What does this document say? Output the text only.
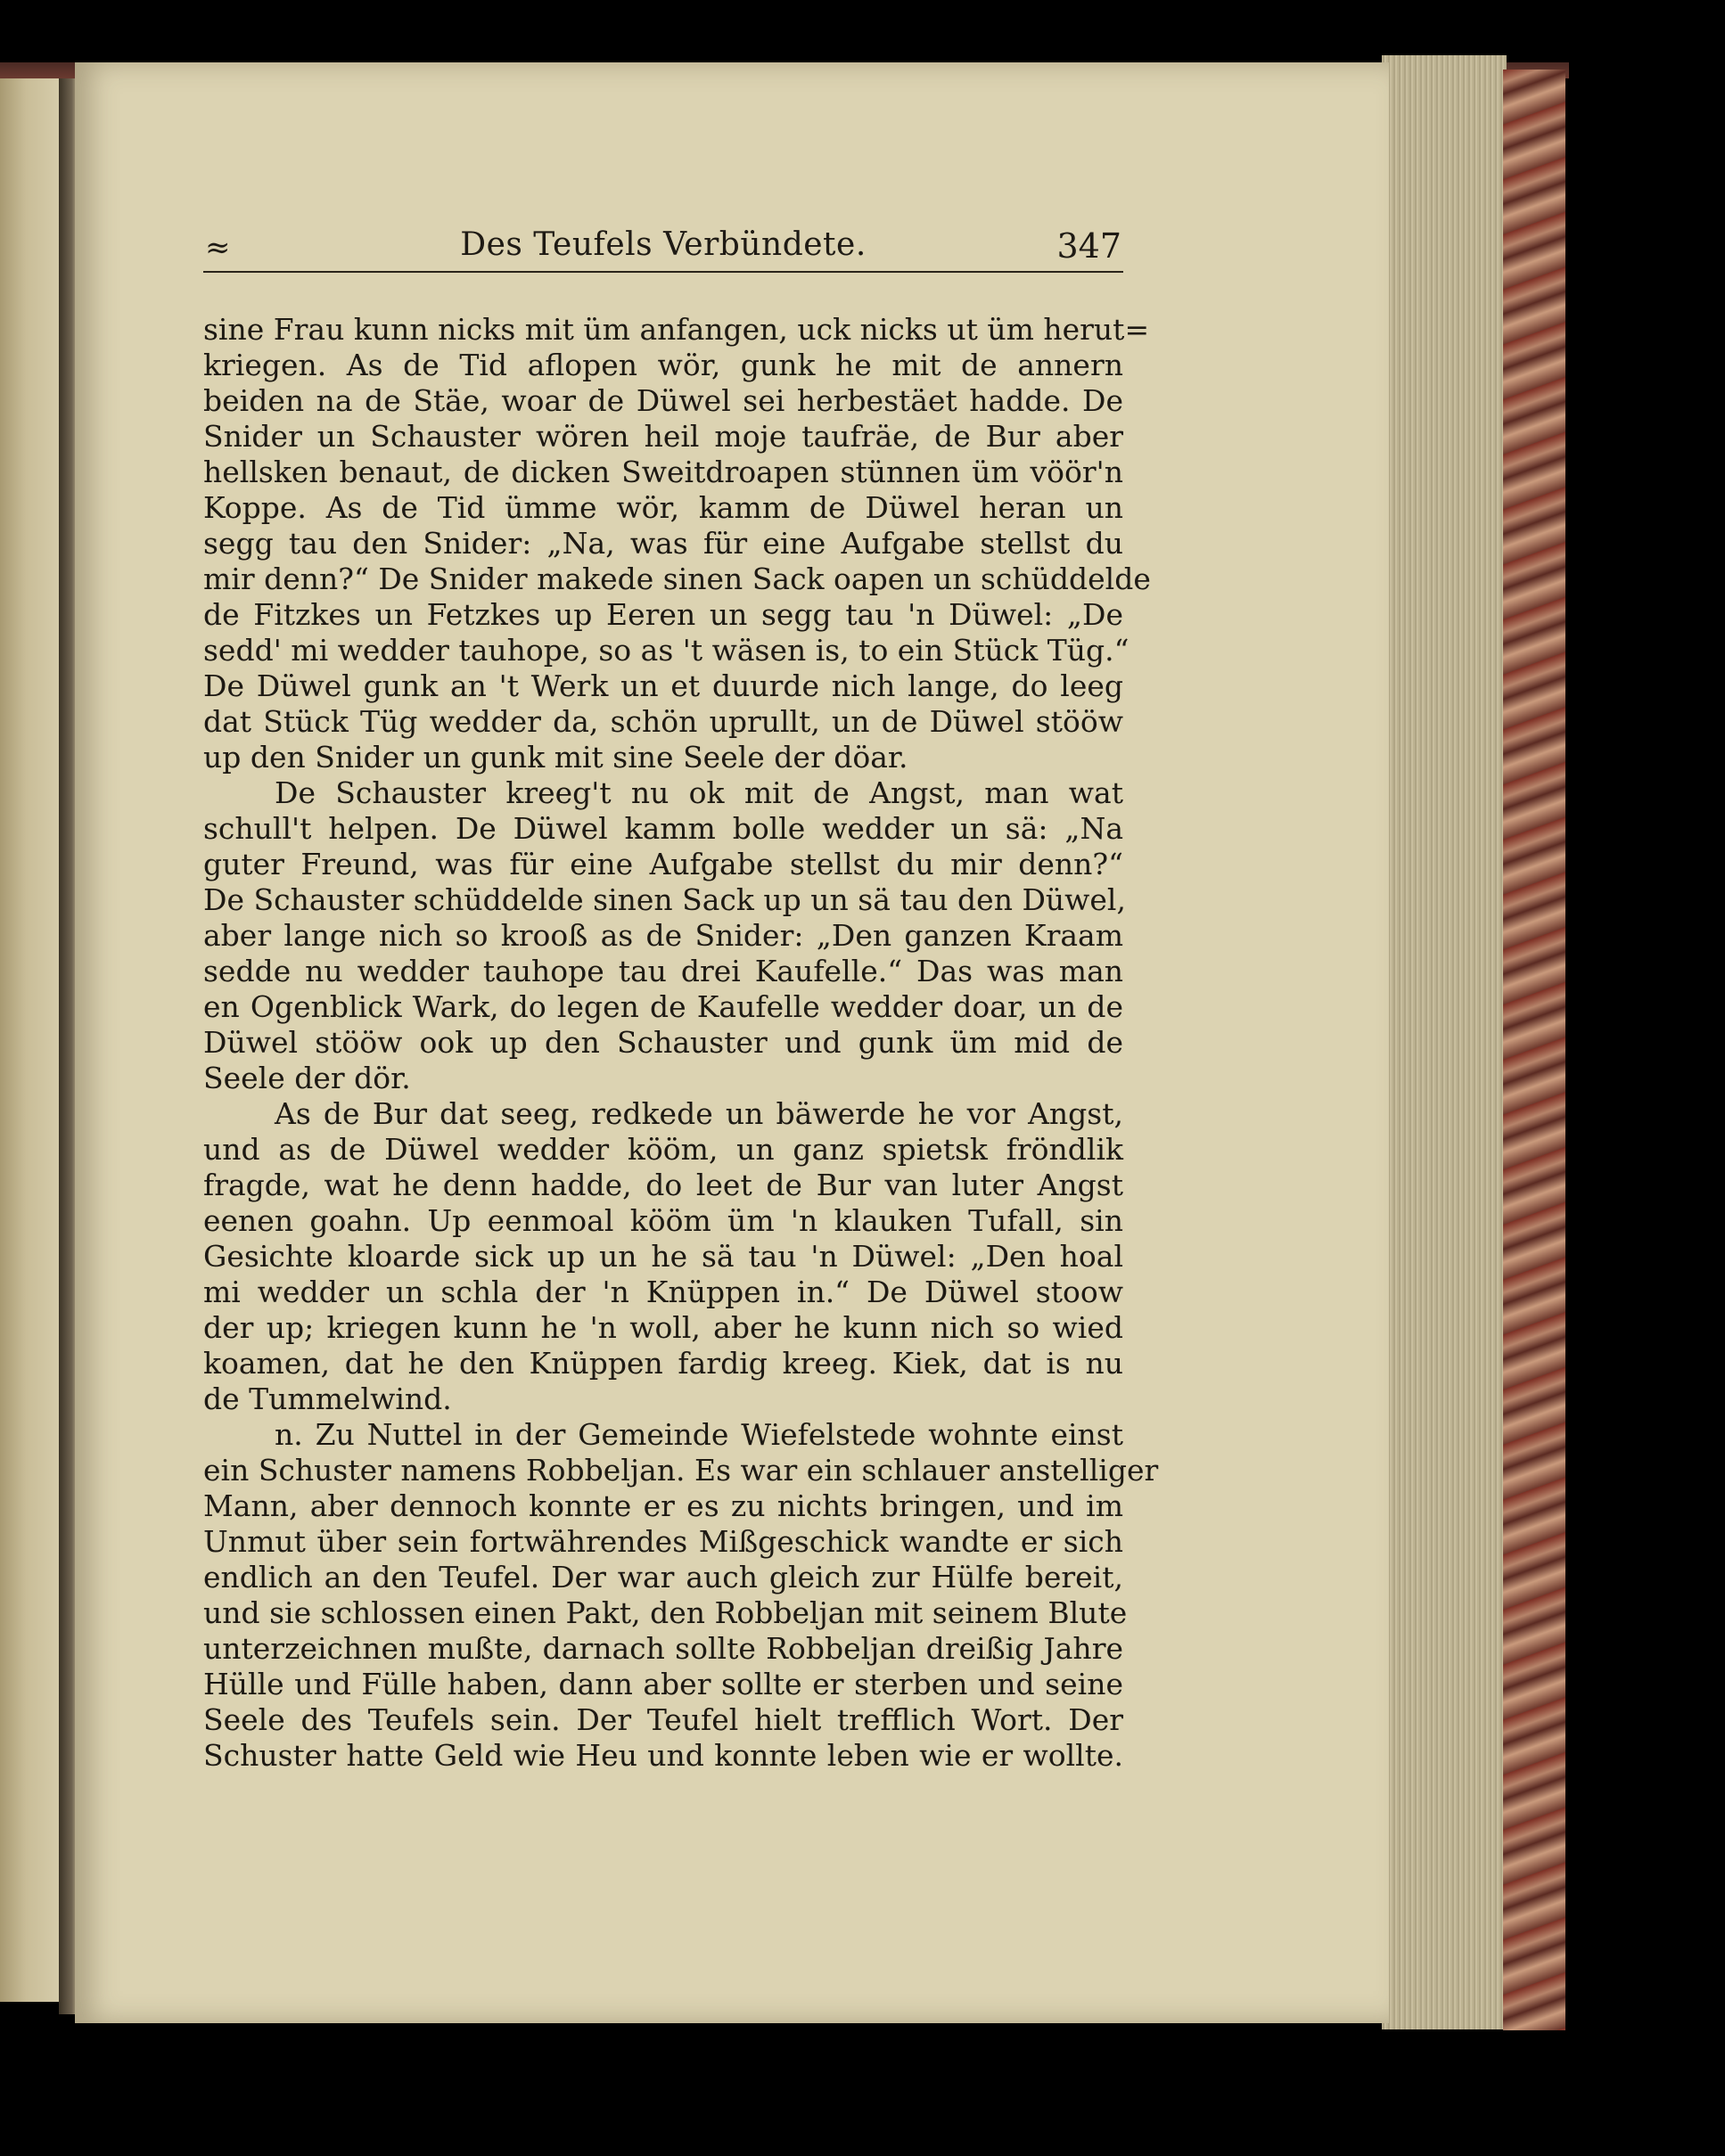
≈	Des Teufels Verbündete.	347
sine Frau kunn nicks mit üm anfangen, uck nicks ut üm herut=
kriegen. As de Tid aflopen wör, gunk he mit de annern
beiden na de Stäe, woar de Düwel sei herbestäet hadde. De
Snider un Schauster wören heil moje taufräe, de Bur aber
hellsken benaut, de dicken Sweitdroapen stünnen üm vöör'n
Koppe. As de Tid ümme wör, kamm de Düwel heran un
segg tau den Snider: „Na, was für eine Aufgabe stellst du
mir denn?“ De Snider makede sinen Sack oapen un schüddelde
de Fitzkes un Fetzkes up Eeren un segg tau 'n Düwel: „De
sedd' mi wedder tauhope, so as 't wäsen is, to ein Stück Tüg.“
De Düwel gunk an 't Werk un et duurde nich lange, do leeg
dat Stück Tüg wedder da, schön uprullt, un de Düwel stööw
up den Snider un gunk mit sine Seele der döar.
De Schauster kreeg't nu ok mit de Angst, man wat
schull't helpen. De Düwel kamm bolle wedder un sä: „Na
guter Freund, was für eine Aufgabe stellst du mir denn?“
De Schauster schüddelde sinen Sack up un sä tau den Düwel,
aber lange nich so krooß as de Snider: „Den ganzen Kraam
sedde nu wedder tauhope tau drei Kaufelle.“ Das was man
en Ogenblick Wark, do legen de Kaufelle wedder doar, un de
Düwel stööw ook up den Schauster und gunk üm mid de
Seele der dör.
As de Bur dat seeg, redkede un bäwerde he vor Angst,
und as de Düwel wedder kööm, un ganz spietsk fröndlik
fragde, wat he denn hadde, do leet de Bur van luter Angst
eenen goahn. Up eenmoal kööm üm 'n klauken Tufall, sin
Gesichte kloarde sick up un he sä tau 'n Düwel: „Den hoal
mi wedder un schla der 'n Knüppen in.“ De Düwel stoow
der up; kriegen kunn he 'n woll, aber he kunn nich so wied
koamen, dat he den Knüppen fardig kreeg. Kiek, dat is nu
de Tummelwind.
n. Zu Nuttel in der Gemeinde Wiefelstede wohnte einst
ein Schuster namens Robbeljan. Es war ein schlauer anstelliger
Mann, aber dennoch konnte er es zu nichts bringen, und im
Unmut über sein fortwährendes Mißgeschick wandte er sich
endlich an den Teufel. Der war auch gleich zur Hülfe bereit,
und sie schlossen einen Pakt, den Robbeljan mit seinem Blute
unterzeichnen mußte, darnach sollte Robbeljan dreißig Jahre
Hülle und Fülle haben, dann aber sollte er sterben und seine
Seele des Teufels sein. Der Teufel hielt trefflich Wort. Der
Schuster hatte Geld wie Heu und konnte leben wie er wollte.
